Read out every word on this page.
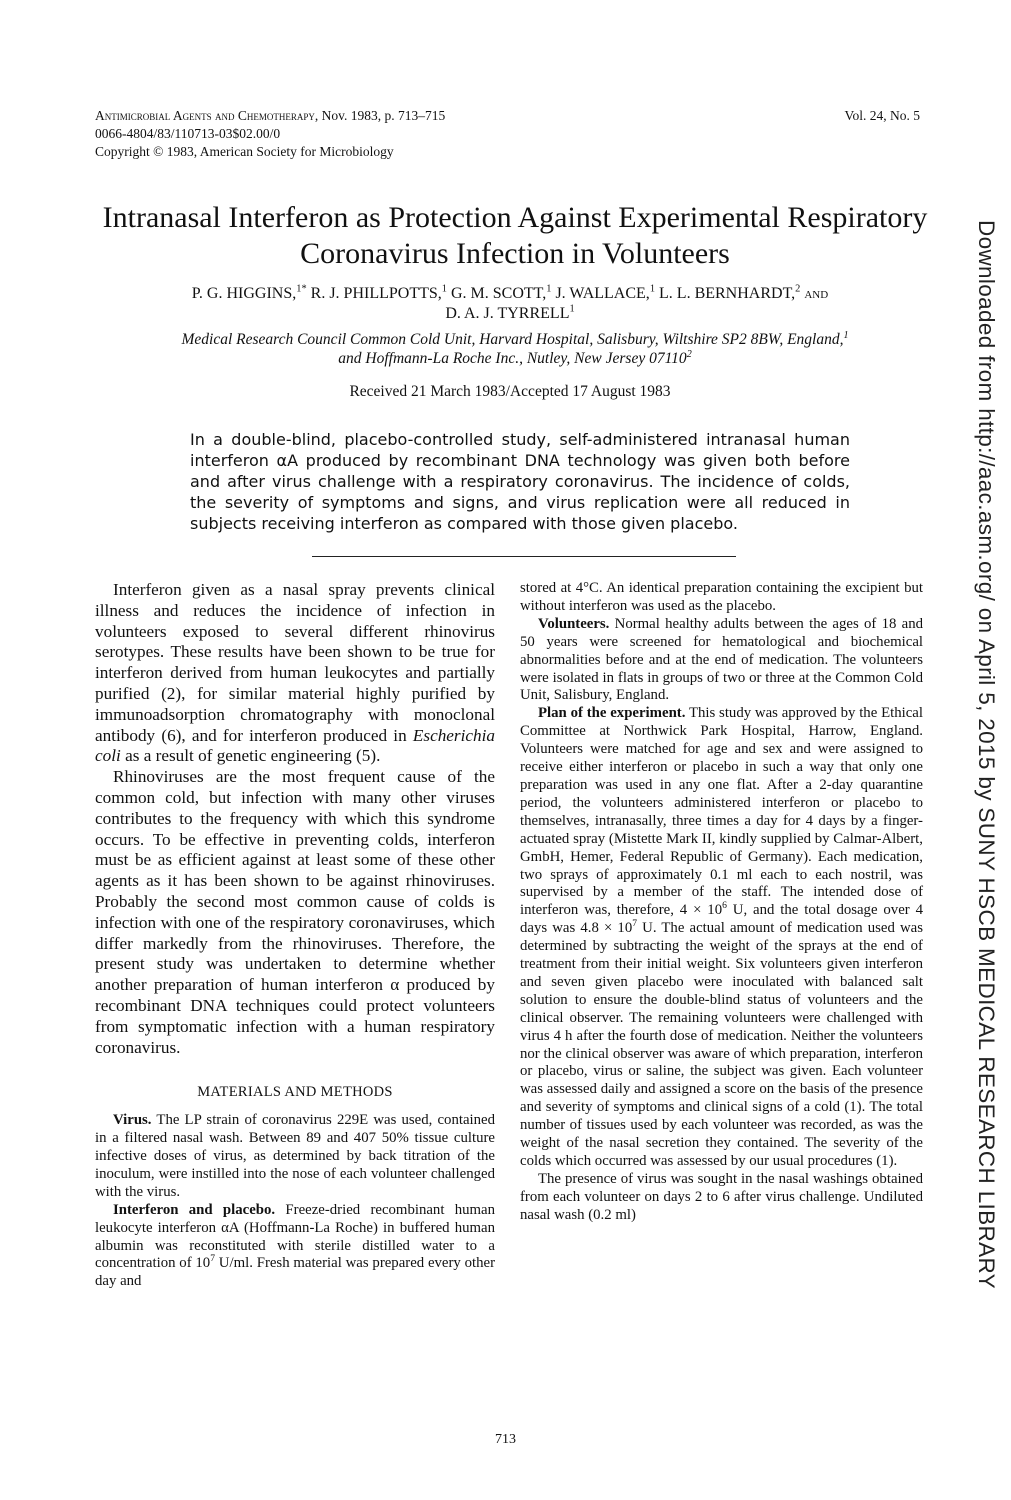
Antimicrobial Agents and Chemotherapy, Nov. 1983, p. 713–715	Vol. 24, No. 5
0066-4804/83/110713-03$02.00/0
Copyright © 1983, American Society for Microbiology
Intranasal Interferon as Protection Against Experimental Respiratory Coronavirus Infection in Volunteers
P. G. HIGGINS,$^{1*}$ R. J. PHILLPOTTS,$^1$ G. M. SCOTT,$^1$ J. WALLACE,$^1$ L. L. BERNHARDT,$^2$ and
D. A. J. TYRRELL$^1$
Medical Research Council Common Cold Unit, Harvard Hospital, Salisbury, Wiltshire SP2 8BW, England,$^1$
and Hoffmann-La Roche Inc., Nutley, New Jersey 07110$^2$
Received 21 March 1983/Accepted 17 August 1983

In a double-blind, placebo-controlled study, self-administered intranasal human interferon αA produced by recombinant DNA technology was given both before and after virus challenge with a respiratory coronavirus. The incidence of colds, the severity of symptoms and signs, and virus replication were all reduced in subjects receiving interferon as compared with those given placebo.

Interferon given as a nasal spray prevents clinical illness and reduces the incidence of infection in volunteers exposed to several different rhinovirus serotypes. These results have been shown to be true for interferon derived from human leukocytes and partially purified (2), for similar material highly purified by immunoadsorption chromatography with monoclonal antibody (6), and for interferon produced in Escherichia coli as a result of genetic engineering (5).

Rhinoviruses are the most frequent cause of the common cold, but infection with many other viruses contributes to the frequency with which this syndrome occurs. To be effective in preventing colds, interferon must be as efficient against at least some of these other agents as it has been shown to be against rhinoviruses. Probably the second most common cause of colds is infection with one of the respiratory coronaviruses, which differ markedly from the rhinoviruses. Therefore, the present study was undertaken to determine whether another preparation of human interferon α produced by recombinant DNA techniques could protect volunteers from symptomatic infection with a human respiratory coronavirus.

MATERIALS AND METHODS

Virus. The LP strain of coronavirus 229E was used, contained in a filtered nasal wash. Between 89 and 407 50% tissue culture infective doses of virus, as determined by back titration of the inoculum, were instilled into the nose of each volunteer challenged with the virus.

Interferon and placebo. Freeze-dried recombinant human leukocyte interferon αA (Hoffmann-La Roche) in buffered human albumin was reconstituted with sterile distilled water to a concentration of $10^7$ U/ml. Fresh material was prepared every other day and

stored at 4°C. An identical preparation containing the excipient but without interferon was used as the placebo.

Volunteers. Normal healthy adults between the ages of 18 and 50 years were screened for hematological and biochemical abnormalities before and at the end of medication. The volunteers were isolated in flats in groups of two or three at the Common Cold Unit, Salisbury, England.

Plan of the experiment. This study was approved by the Ethical Committee at Northwick Park Hospital, Harrow, England. Volunteers were matched for age and sex and were assigned to receive either interferon or placebo in such a way that only one preparation was used in any one flat. After a 2-day quarantine period, the volunteers administered interferon or placebo to themselves, intranasally, three times a day for 4 days by a finger-actuated spray (Mistette Mark II, kindly supplied by Calmar-Albert, GmbH, Hemer, Federal Republic of Germany). Each medication, two sprays of approximately 0.1 ml each to each nostril, was supervised by a member of the staff. The intended dose of interferon was, therefore, $4 \times 10^6$ U, and the total dosage over 4 days was $4.8 \times 10^7$ U. The actual amount of medication used was determined by subtracting the weight of the sprays at the end of treatment from their initial weight. Six volunteers given interferon and seven given placebo were inoculated with balanced salt solution to ensure the double-blind status of volunteers and the clinical observer. The remaining volunteers were challenged with virus 4 h after the fourth dose of medication. Neither the volunteers nor the clinical observer was aware of which preparation, interferon or placebo, virus or saline, the subject was given. Each volunteer was assessed daily and assigned a score on the basis of the presence and severity of symptoms and clinical signs of a cold (1). The total number of tissues used by each volunteer was recorded, as was the weight of the nasal secretion they contained. The severity of the colds which occurred was assessed by our usual procedures (1).

The presence of virus was sought in the nasal washings obtained from each volunteer on days 2 to 6 after virus challenge. Undiluted nasal wash (0.2 ml)

713
Downloaded from http://aac.asm.org/ on April 5, 2015 by SUNY HSCB MEDICAL RESEARCH LIBRARY
